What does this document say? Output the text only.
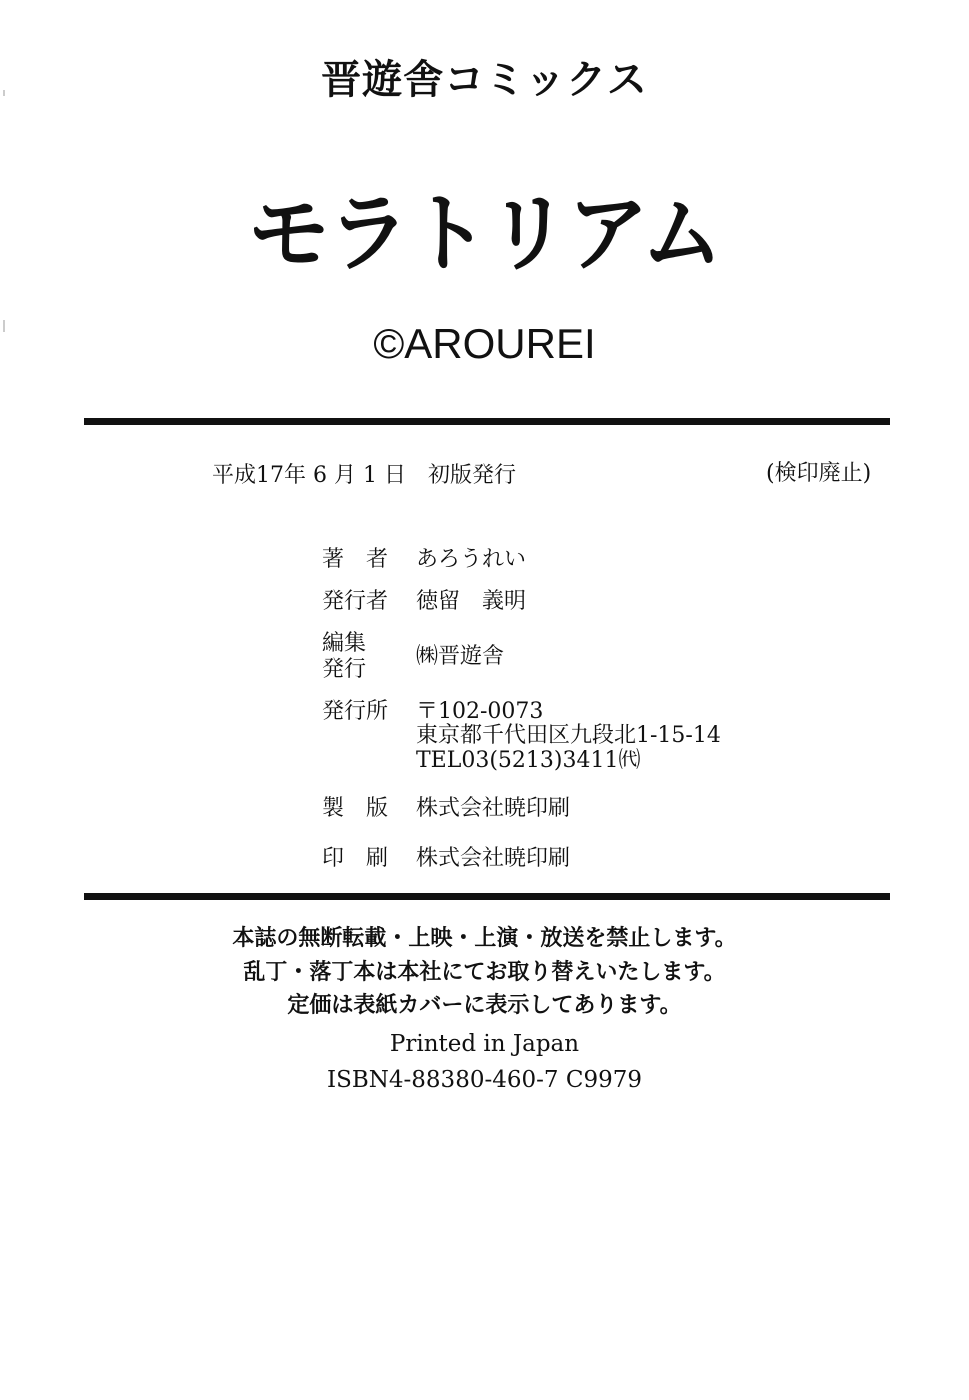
晋遊舎コミックス
モラトリアム
©AROUREI
平成17年 6 月 1 日　初版発行	(検印廃止)
著者 あろうれい
発行者 徳留　義明
編集
発行
㈱晋遊舎
発行所 〒102-0073
東京都千代田区九段北1-15-14
TEL03(5213)3411㈹
製版 株式会社暁印刷
印刷 株式会社暁印刷
本誌の無断転載・上映・上演・放送を禁止します。
乱丁・落丁本は本社にてお取り替えいたします。
定価は表紙カバーに表示してあります。
Printed in Japan
ISBN4-88380-460-7 C9979
